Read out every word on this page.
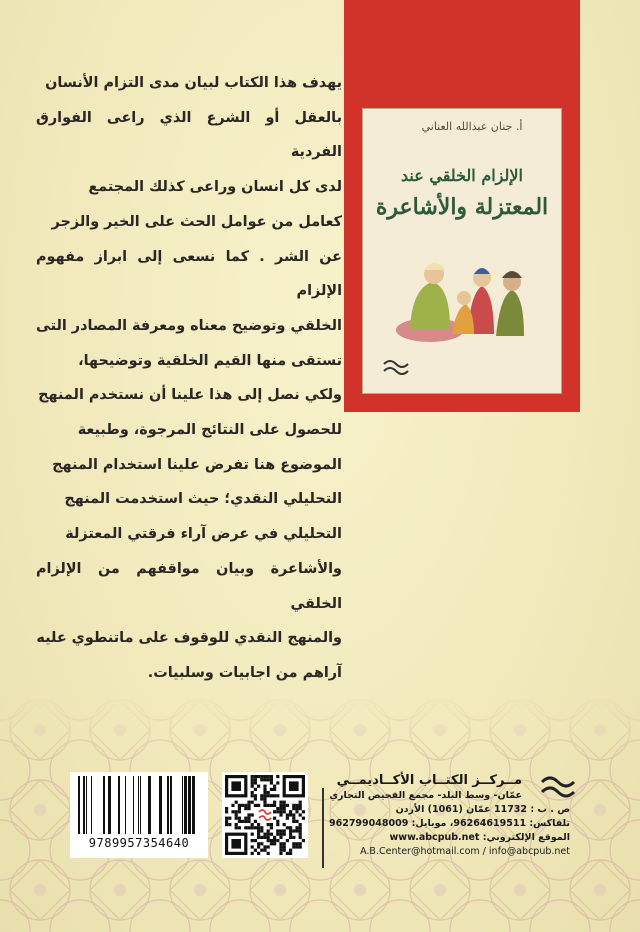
أ. جنان عبدالله العناني
الإلزام الخلقي عند
المعتزلة والأشاعرة
يهدف هذا الكتاب لبيان مدى التزام الأنسان
بالعقل أو الشرع الذي راعى الفوارق الفردية
لدى كل انسان وراعى كذلك المجتمع
كعامل من عوامل الحث على الخير والزجر
عن الشر . كما نسعى إلى ابراز مفهوم الإلزام
الخلقي وتوضيح معناه ومعرفة المصادر التى
تستقى منها القيم الخلقية وتوضيحها،
ولكي نصل إلى هذا علينا أن نستخدم المنهج
للحصول على النتائج المرجوة، وطبيعة
الموضوع هنا تفرض علينا استخدام المنهج
التحليلي النقدي؛ حيث استخدمت المنهج
التحليلي في عرض آراء فرقتي المعتزلة
والأشاعرة وبيان مواقفهم من الإلزام الخلقي
والمنهج النقدي للوقوف على ماتنطوي عليه
آراهم من اجابيات وسلبيات.
9789957354640
مــركــز الكتــاب الأكــاديمــي
عمّان- وسط البلد- مجمع الفحيص التجاري
ص . ب : 11732 عمّان (1061) الأردن
تلفاكس: 96264619511، موبايل: 962799048009
الموقع الإلكتروني: www.abcpub.net
A.B.Center@hotmail.com / info@abcpub.net
